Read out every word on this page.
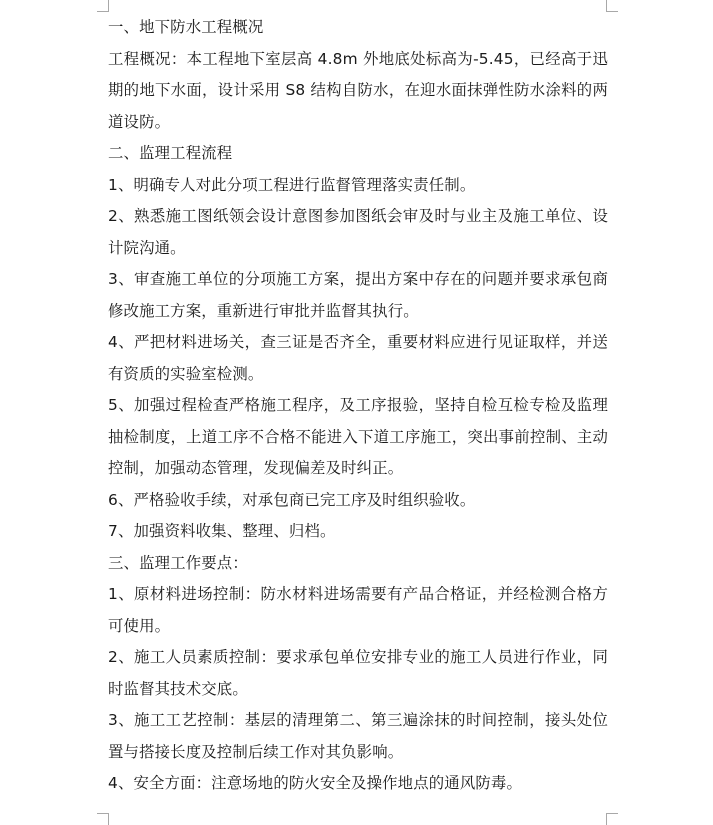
一、地下防水工程概况

工程概况：本工程地下室层高 4.8m 外地底处标高为-5.45，已经高于迅期的地下水面，设计采用 S8 结构自防水，在迎水面抹弹性防水涂料的两道设防。

二、监理工程流程

1、明确专人对此分项工程进行监督管理落实责任制。

2、熟悉施工图纸领会设计意图参加图纸会审及时与业主及施工单位、设计院沟通。

3、审查施工单位的分项施工方案，提出方案中存在的问题并要求承包商修改施工方案，重新进行审批并监督其执行。

4、严把材料进场关，查三证是否齐全，重要材料应进行见证取样，并送有资质的实验室检测。

5、加强过程检查严格施工程序，及工序报验，坚持自检互检专检及监理抽检制度，上道工序不合格不能进入下道工序施工，突出事前控制、主动控制，加强动态管理，发现偏差及时纠正。

6、严格验收手续，对承包商已完工序及时组织验收。

7、加强资料收集、整理、归档。

三、监理工作要点：

1、原材料进场控制：防水材料进场需要有产品合格证，并经检测合格方可使用。

2、施工人员素质控制：要求承包单位安排专业的施工人员进行作业，同时监督其技术交底。

3、施工工艺控制：基层的清理第二、第三遍涂抹的时间控制，接头处位置与搭接长度及控制后续工作对其负影响。

4、安全方面：注意场地的防火安全及操作地点的通风防毒。
